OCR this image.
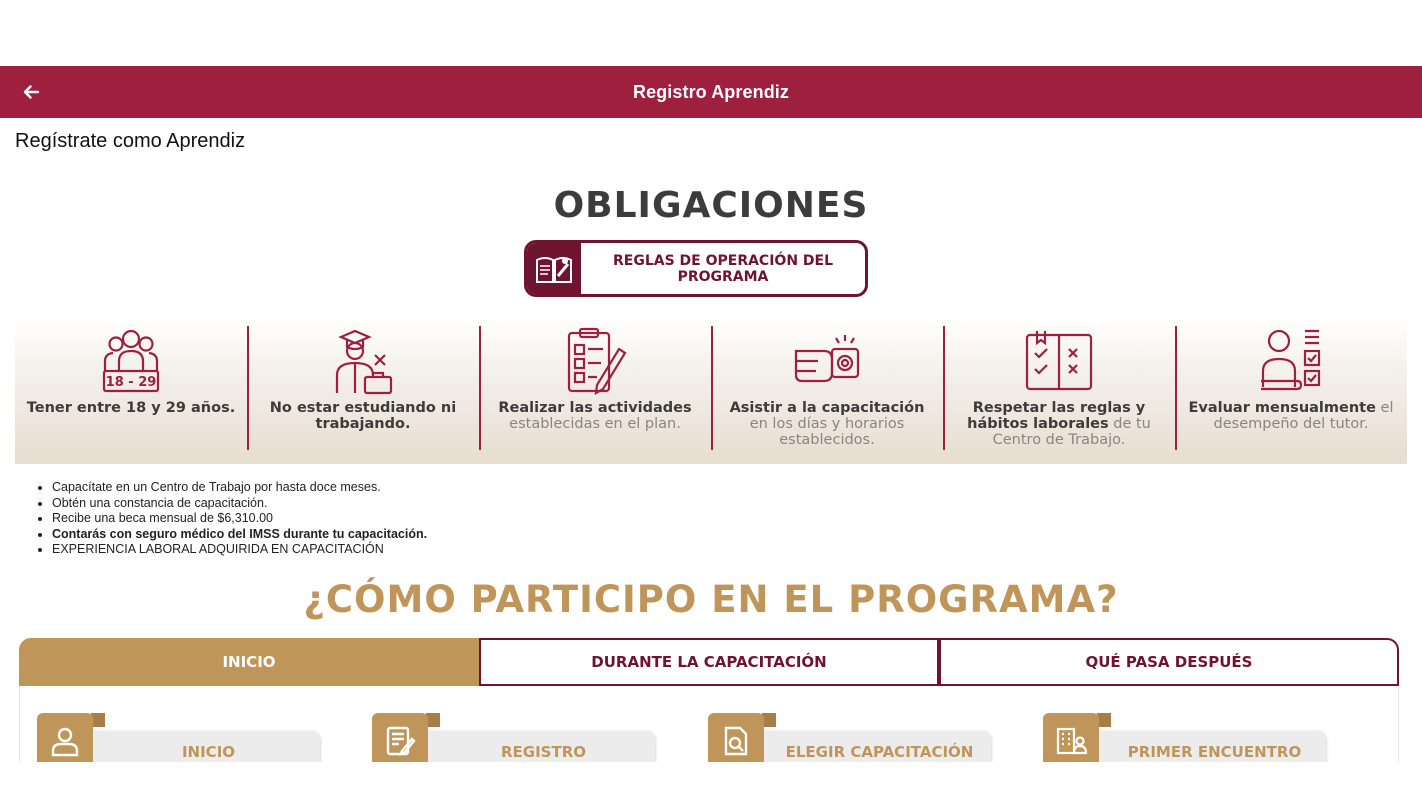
Registro Aprendiz
Regístrate como Aprendiz
OBLIGACIONES
REGLAS DE OPERACIÓN DEL PROGRAMA
18 - 29
Tener entre 18 y 29 años.	No estar estudiando ni trabajando.
Realizar las actividades establecidas en el plan.
Asistir a la capacitación en los días y horarios establecidos.
Respetar las reglas y hábitos laborales de tu Centro de Trabajo.
Evaluar mensualmente el desempeño del tutor.
• Capacítate en un Centro de Trabajo por hasta doce meses.
• Obtén una constancia de capacitación.
• Recibe una beca mensual de $6,310.00
• Contarás con seguro médico del IMSS durante tu capacitación.
• EXPERIENCIA LABORAL ADQUIRIDA EN CAPACITACIÓN
¿CÓMO PARTICIPO EN EL PROGRAMA?
INICIO	DURANTE LA CAPACITACIÓN	QUÉ PASA DESPUÉS
INICIO	REGISTRO	ELEGIR CAPACITACIÓN	PRIMER ENCUENTRO
